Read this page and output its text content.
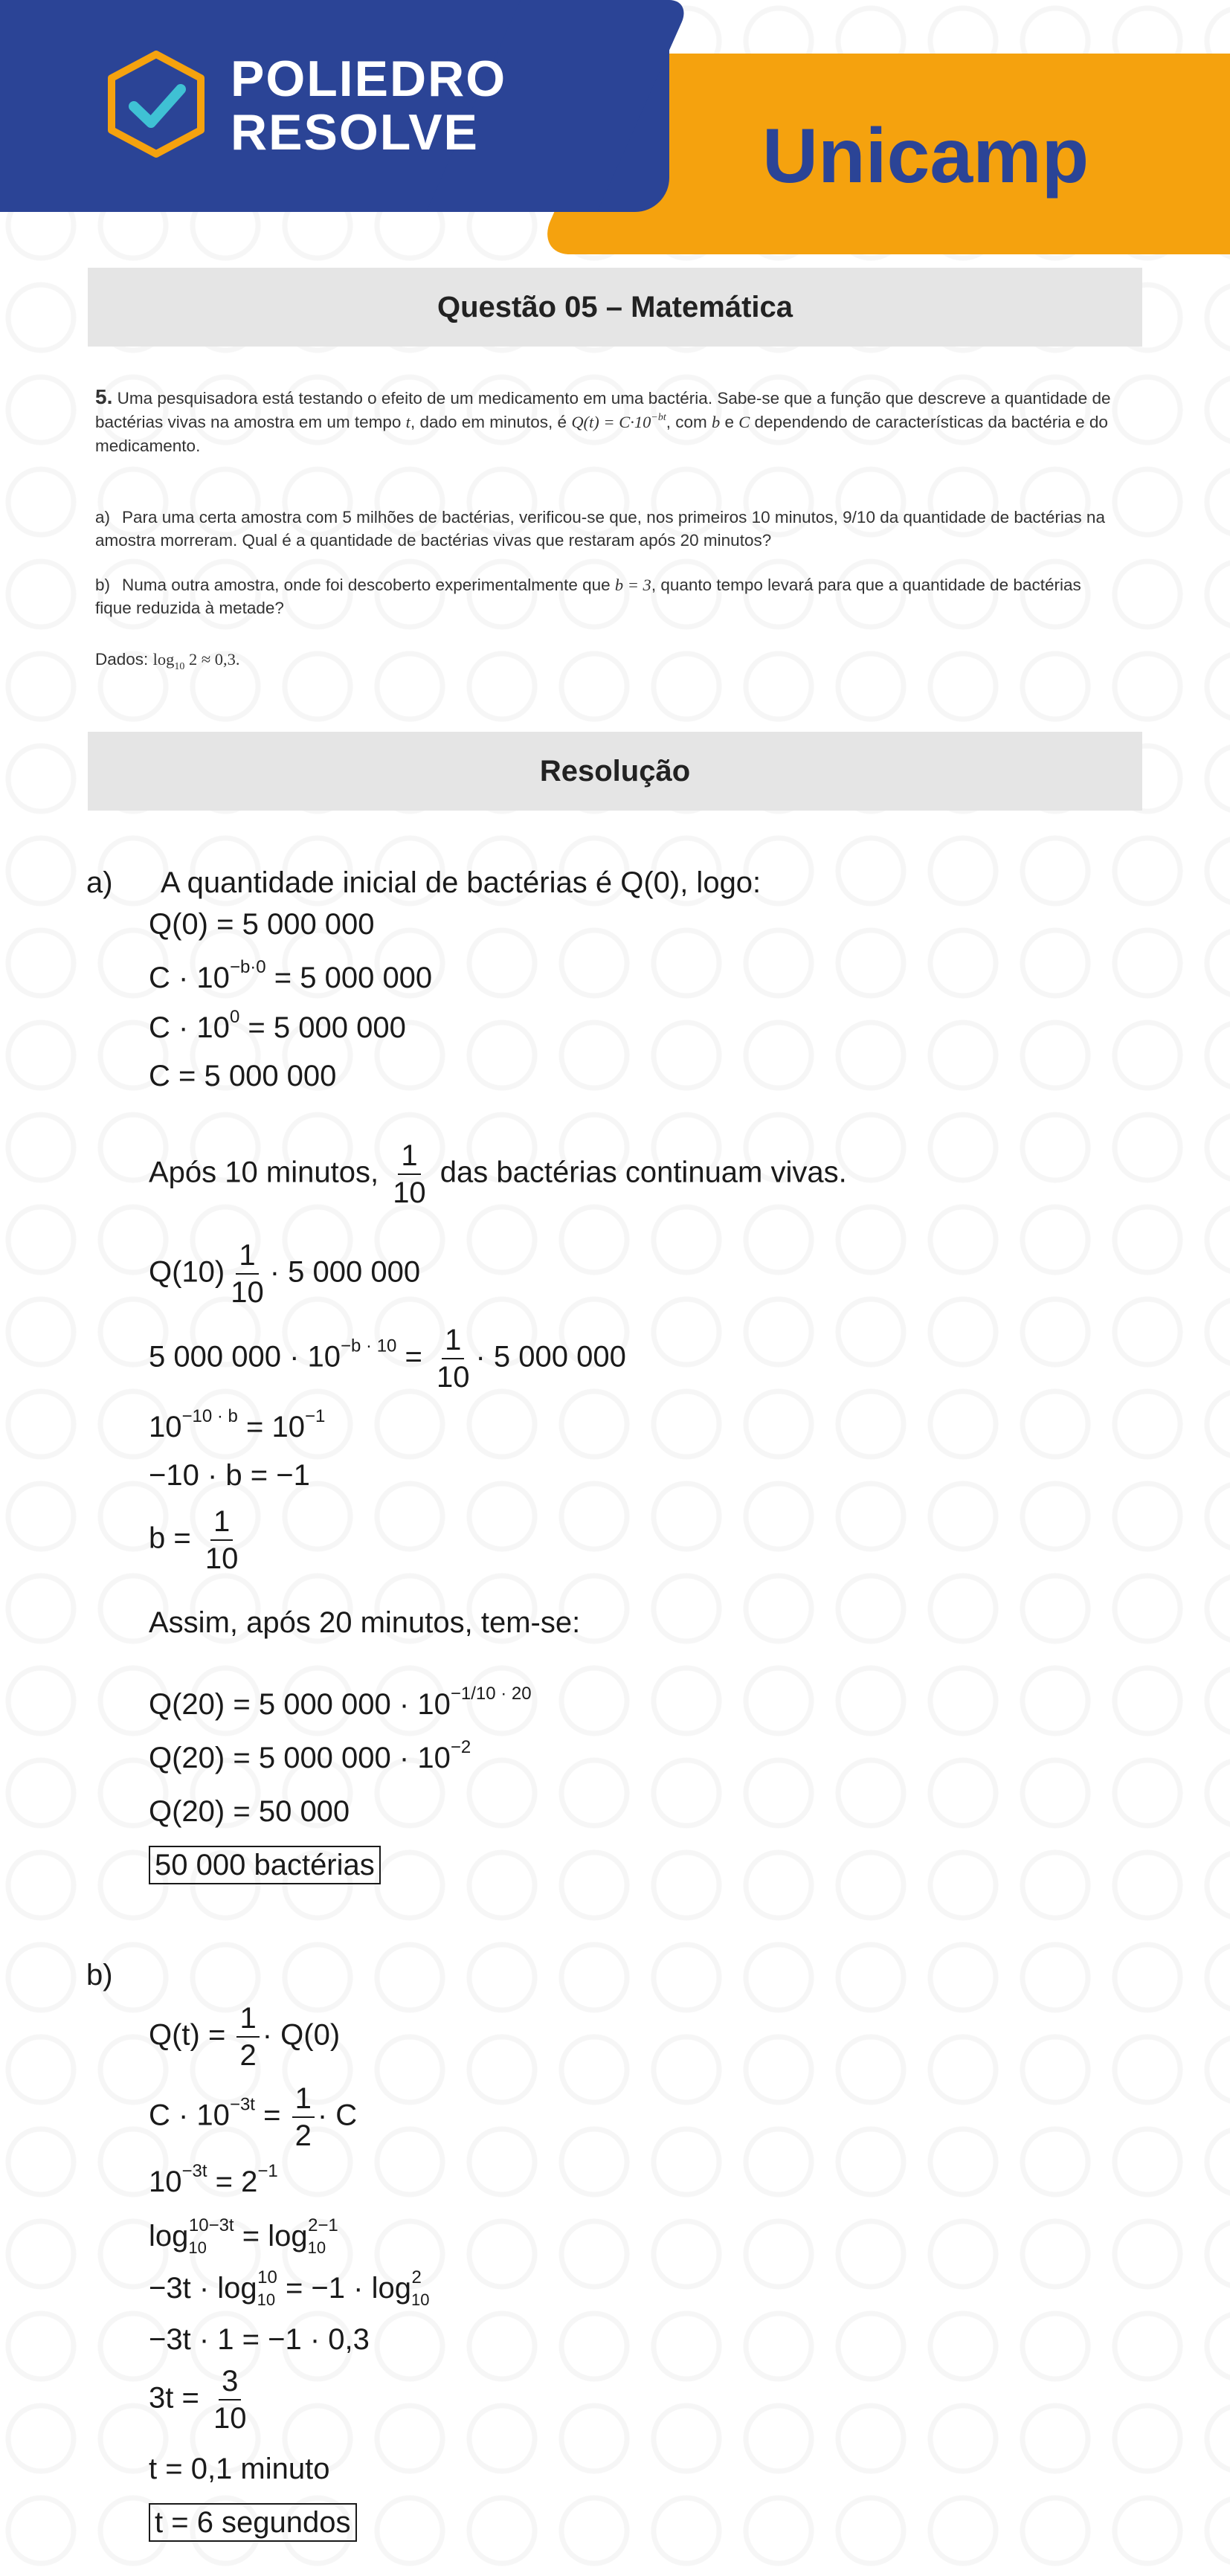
POLIEDRO
RESOLVE	Unicamp
Questão 05 – Matemática
5. Uma pesquisadora está testando o efeito de um medicamento em uma bactéria. Sabe-se que a função que descreve a quantidade de bactérias vivas na amostra em um tempo t, dado em minutos, é $Q(t) = C\cdot 10^{-bt}$, com b e C dependendo de características da bactéria e do medicamento.
a) Para uma certa amostra com 5 milhões de bactérias, verificou-se que, nos primeiros 10 minutos, 9/10 da quantidade de bactérias na amostra morreram. Qual é a quantidade de bactérias vivas que restaram após 20 minutos?
b) Numa outra amostra, onde foi descoberto experimentalmente que b = 3, quanto tempo levará para que a quantidade de bactérias fique reduzida à metade?
Dados: $\log_{10} 2 \approx 0,3$.
Resolução
a) A quantidade inicial de bactérias é Q(0), logo:
Q(0) = 5 000 000
$C \cdot 10^{-b\cdot 0} = 5$ 000 000
$C \cdot 10^0 = 5$ 000 000
C = 5 000 000
Após 10 minutos, $\frac{1}{10}$ das bactérias continuam vivas.
$Q(10) \frac{1}{10} \cdot 5$ 000 000
5 000 $000 \cdot 10^{-b \cdot 10} = \frac{1}{10} \cdot 5$ 000 000
$10^{-10 \cdot b} = 10^{-1}$
−10 · b = −1
$b = \frac{1}{10}$
Assim, após 20 minutos, tem-se:
Q(20) = 5 000 $000 \cdot 10^{-1/10 \cdot 20}$
Q(20) = 5 000 $000 \cdot 10^{-2}$
Q(20) = 50 000
50 000 bactérias
b)
$Q(t) = \frac{1}{2} \cdot Q(0)$
$C \cdot 10^{-3t} = \frac{1}{2} \cdot C$
$10^{-3t} = 2^{-1}$
$\log_{10}^{10-3t} = \log_{10}^{2-1}$
$-3t \cdot \log_{10}^{10} = -1 \cdot \log_{10}^2$
−3t · 1 = −1 · 0,3
$3t = \frac{3}{10}$
t = 0,1 minuto
t = 6 segundos
